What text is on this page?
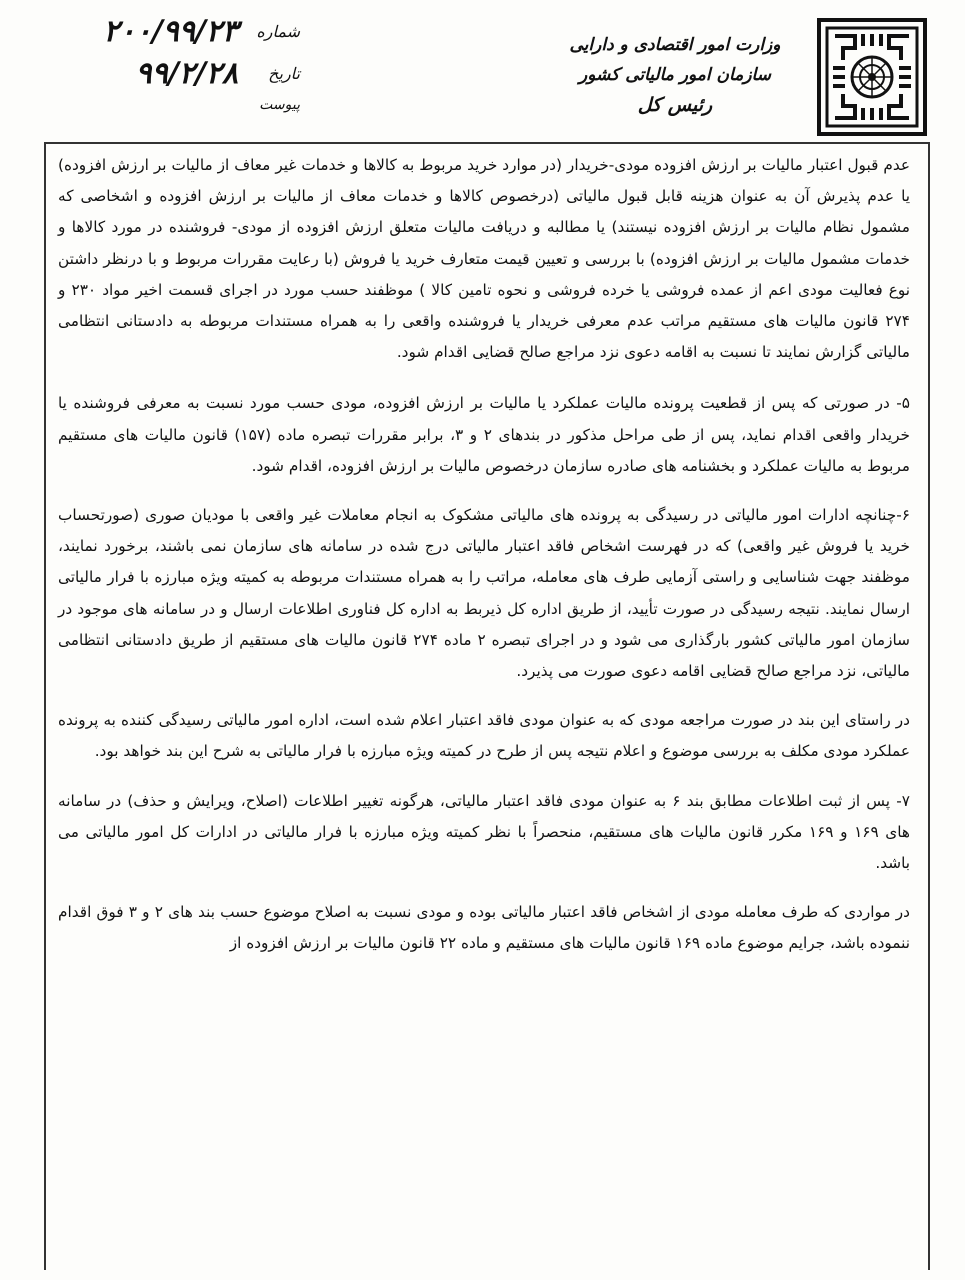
وزارت امور اقتصادی و دارایی
سازمان امور مالیاتی کشور
رئیس کل
شماره
۲۰۰/۹۹/۲۳
تاریخ
۹۹/۲/۲۸
پیوست

عدم قبول اعتبار مالیات بر ارزش افزوده مودی-خریدار (در موارد خرید مربوط به کالاها و خدمات غیر معاف از مالیات بر ارزش افزوده) یا عدم پذیرش آن به عنوان هزینه قابل قبول مالیاتی (درخصوص کالاها و خدمات معاف از مالیات بر ارزش افزوده و اشخاصی که مشمول نظام مالیات بر ارزش افزوده نیستند) یا مطالبه و دریافت مالیات متعلق ارزش افزوده از مودی- فروشنده در مورد کالاها و خدمات مشمول مالیات بر ارزش افزوده) با بررسی و تعیین قیمت متعارف خرید یا فروش (با رعایت مقررات مربوط و با درنظر داشتن نوع فعالیت مودی اعم از عمده فروشی یا خرده فروشی و نحوه تامین کالا ) موظفند حسب مورد در اجرای قسمت اخیر مواد ۲۳۰ و ۲۷۴ قانون مالیات های مستقیم مراتب عدم معرفی خریدار یا فروشنده واقعی را به همراه مستندات مربوطه به دادستانی انتظامی مالیاتی گزارش نمایند تا نسبت به اقامه دعوی نزد مراجع صالح قضایی اقدام شود.

۵- در صورتی که پس از قطعیت پرونده مالیات عملکرد یا مالیات بر ارزش افزوده، مودی حسب مورد نسبت به معرفی فروشنده یا خریدار واقعی اقدام نماید، پس از طی مراحل مذکور در بندهای ۲ و ۳، برابر مقررات تبصره ماده (۱۵۷) قانون مالیات های مستقیم مربوط به مالیات عملکرد و بخشنامه های صادره سازمان درخصوص مالیات بر ارزش افزوده، اقدام شود.

۶-چنانچه ادارات امور مالیاتی در رسیدگی به پرونده های مالیاتی مشکوک به انجام معاملات غیر واقعی با مودیان صوری (صورتحساب خرید یا فروش غیر واقعی) که در فهرست اشخاص فاقد اعتبار مالیاتی درج شده در سامانه های سازمان نمی باشند، برخورد نمایند، موظفند جهت شناسایی و راستی آزمایی طرف های معامله، مراتب را به همراه مستندات مربوطه به کمیته ویژه مبارزه با فرار مالیاتی ارسال نمایند. نتیجه رسیدگی در صورت تأیید، از طریق اداره کل ذیربط به اداره کل فناوری اطلاعات ارسال و در سامانه های موجود در سازمان امور مالیاتی کشور بارگذاری می شود و در اجرای تبصره ۲ ماده ۲۷۴ قانون مالیات های مستقیم از طریق دادستانی انتظامی مالیاتی، نزد مراجع صالح قضایی اقامه دعوی صورت می پذیرد.

در راستای این بند در صورت مراجعه مودی که به عنوان مودی فاقد اعتبار اعلام شده است، اداره امور مالیاتی رسیدگی کننده به پرونده عملکرد مودی مکلف به بررسی موضوع و اعلام نتیجه پس از طرح در کمیته ویژه مبارزه با فرار مالیاتی به شرح این بند خواهد بود.

۷- پس از ثبت اطلاعات مطابق بند ۶ به عنوان مودی فاقد اعتبار مالیاتی، هرگونه تغییر اطلاعات (اصلاح، ویرایش و حذف) در سامانه های ۱۶۹ و ۱۶۹ مکرر قانون مالیات های مستقیم، منحصراً با نظر کمیته ویژه مبارزه با فرار مالیاتی در ادارات کل امور مالیاتی می باشد.

در مواردی که طرف معامله مودی از اشخاص فاقد اعتبار مالیاتی بوده و مودی نسبت به اصلاح موضوع حسب بند های ۲ و ۳ فوق اقدام ننموده باشد، جرایم موضوع ماده ۱۶۹ قانون مالیات های مستقیم و ماده ۲۲ قانون مالیات بر ارزش افزوده از
